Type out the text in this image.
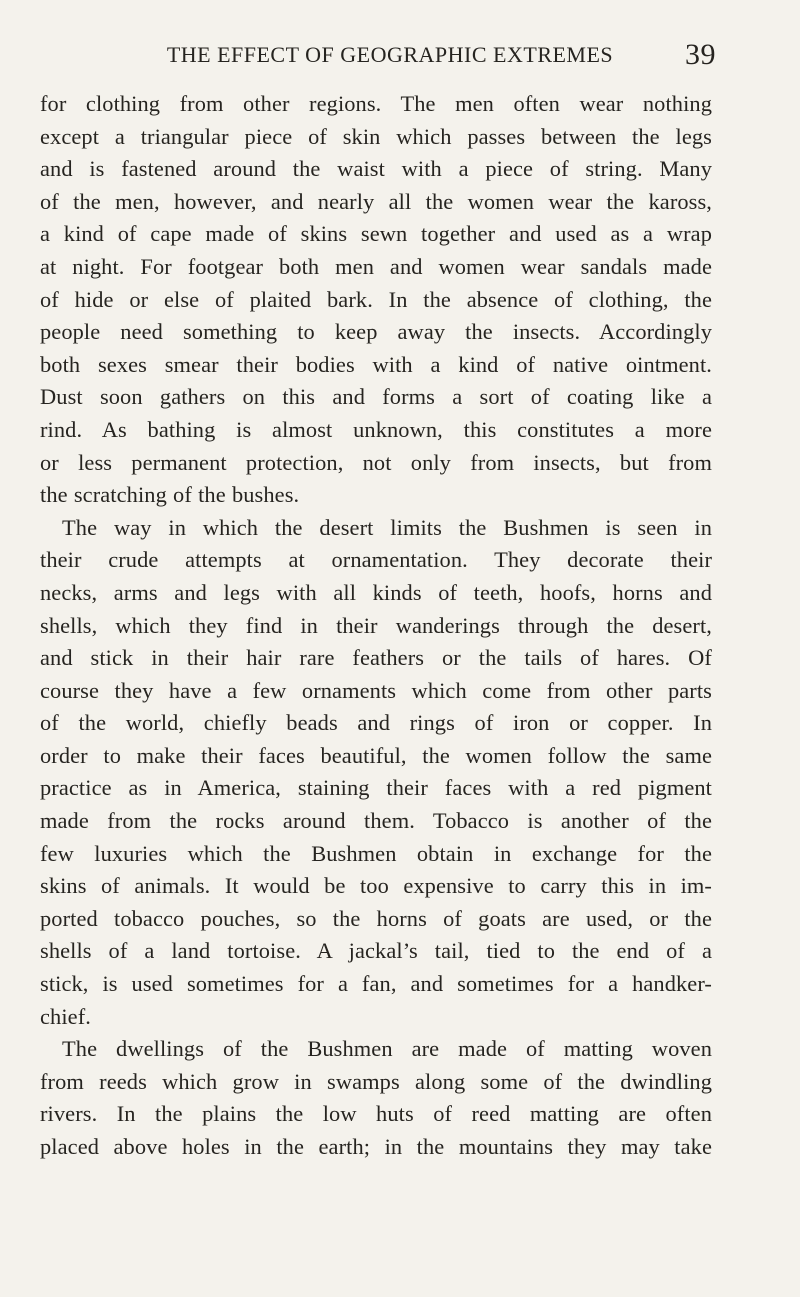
THE EFFECT OF GEOGRAPHIC EXTREMES	39
for clothing from other regions. The men often wear nothing
except a triangular piece of skin which passes between the legs
and is fastened around the waist with a piece of string. Many
of the men, however, and nearly all the women wear the kaross,
a kind of cape made of skins sewn together and used as a wrap
at night. For footgear both men and women wear sandals made
of hide or else of plaited bark. In the absence of clothing, the
people need something to keep away the insects. Accordingly
both sexes smear their bodies with a kind of native ointment.
Dust soon gathers on this and forms a sort of coating like a
rind. As bathing is almost unknown, this constitutes a more
or less permanent protection, not only from insects, but from
the scratching of the bushes.
The way in which the desert limits the Bushmen is seen in
their crude attempts at ornamentation. They decorate their
necks, arms and legs with all kinds of teeth, hoofs, horns and
shells, which they find in their wanderings through the desert,
and stick in their hair rare feathers or the tails of hares. Of
course they have a few ornaments which come from other parts
of the world, chiefly beads and rings of iron or copper. In
order to make their faces beautiful, the women follow the same
practice as in America, staining their faces with a red pigment
made from the rocks around them. Tobacco is another of the
few luxuries which the Bushmen obtain in exchange for the
skins of animals. It would be too expensive to carry this in im-
ported tobacco pouches, so the horns of goats are used, or the
shells of a land tortoise. A jackal’s tail, tied to the end of a
stick, is used sometimes for a fan, and sometimes for a handker-
chief.
The dwellings of the Bushmen are made of matting woven
from reeds which grow in swamps along some of the dwindling
rivers. In the plains the low huts of reed matting are often
placed above holes in the earth; in the mountains they may take
